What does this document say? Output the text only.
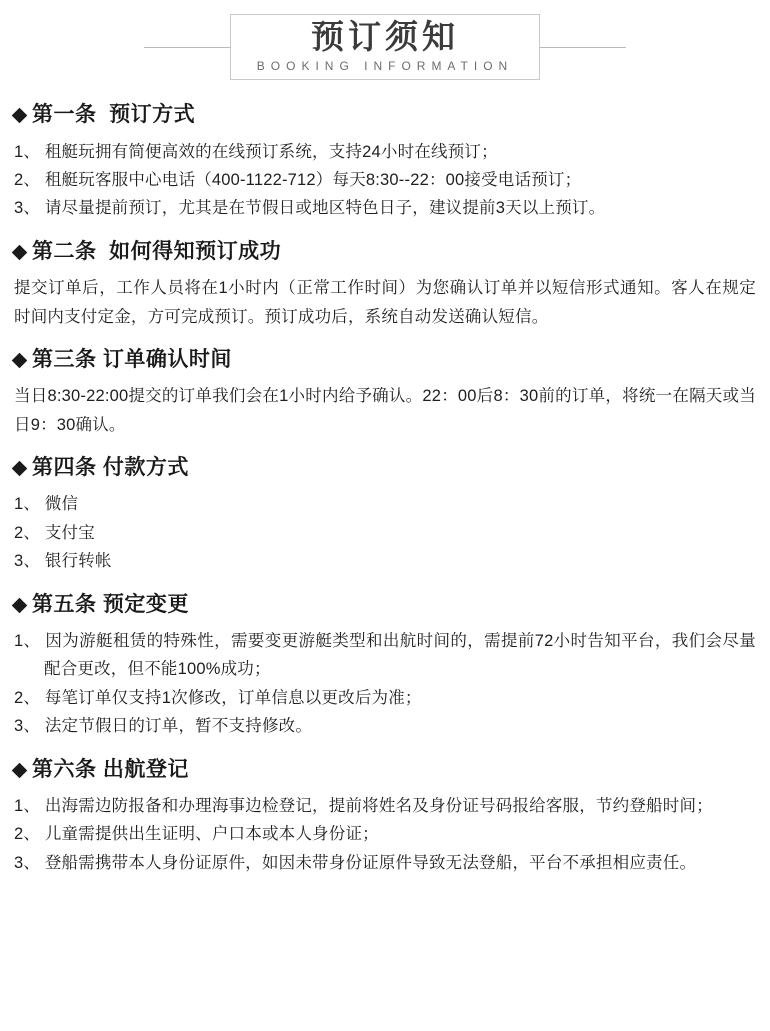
预订须知
BOOKING INFORMATION
第一条  预订方式
1、 租艇玩拥有简便高效的在线预订系统，支持24小时在线预订；
2、 租艇玩客服中心电话（400-1122-712）每天8:30--22：00接受电话预订；
3、 请尽量提前预订，尤其是在节假日或地区特色日子，建议提前3天以上预订。
第二条  如何得知预订成功

提交订单后，工作人员将在1小时内（正常工作时间）为您确认订单并以短信形式通知。客人在规定时间内支付定金，方可完成预订。预订成功后，系统自动发送确认短信。

第三条 订单确认时间

当日8:30-22:00提交的订单我们会在1小时内给予确认。22：00后8：30前的订单，将统一在隔天或当日9：30确认。

第四条 付款方式
1、 微信
2、 支付宝
3、 银行转帐
第五条 预定变更
1、 因为游艇租赁的特殊性，需要变更游艇类型和出航时间的，需提前72小时告知平台，我们会尽量配合更改，但不能100%成功；
2、 每笔订单仅支持1次修改，订单信息以更改后为准；
3、 法定节假日的订单，暂不支持修改。
第六条 出航登记
1、 出海需边防报备和办理海事边检登记，提前将姓名及身份证号码报给客服，节约登船时间；
2、 儿童需提供出生证明、户口本或本人身份证；
3、 登船需携带本人身份证原件，如因未带身份证原件导致无法登船，平台不承担相应责任。
